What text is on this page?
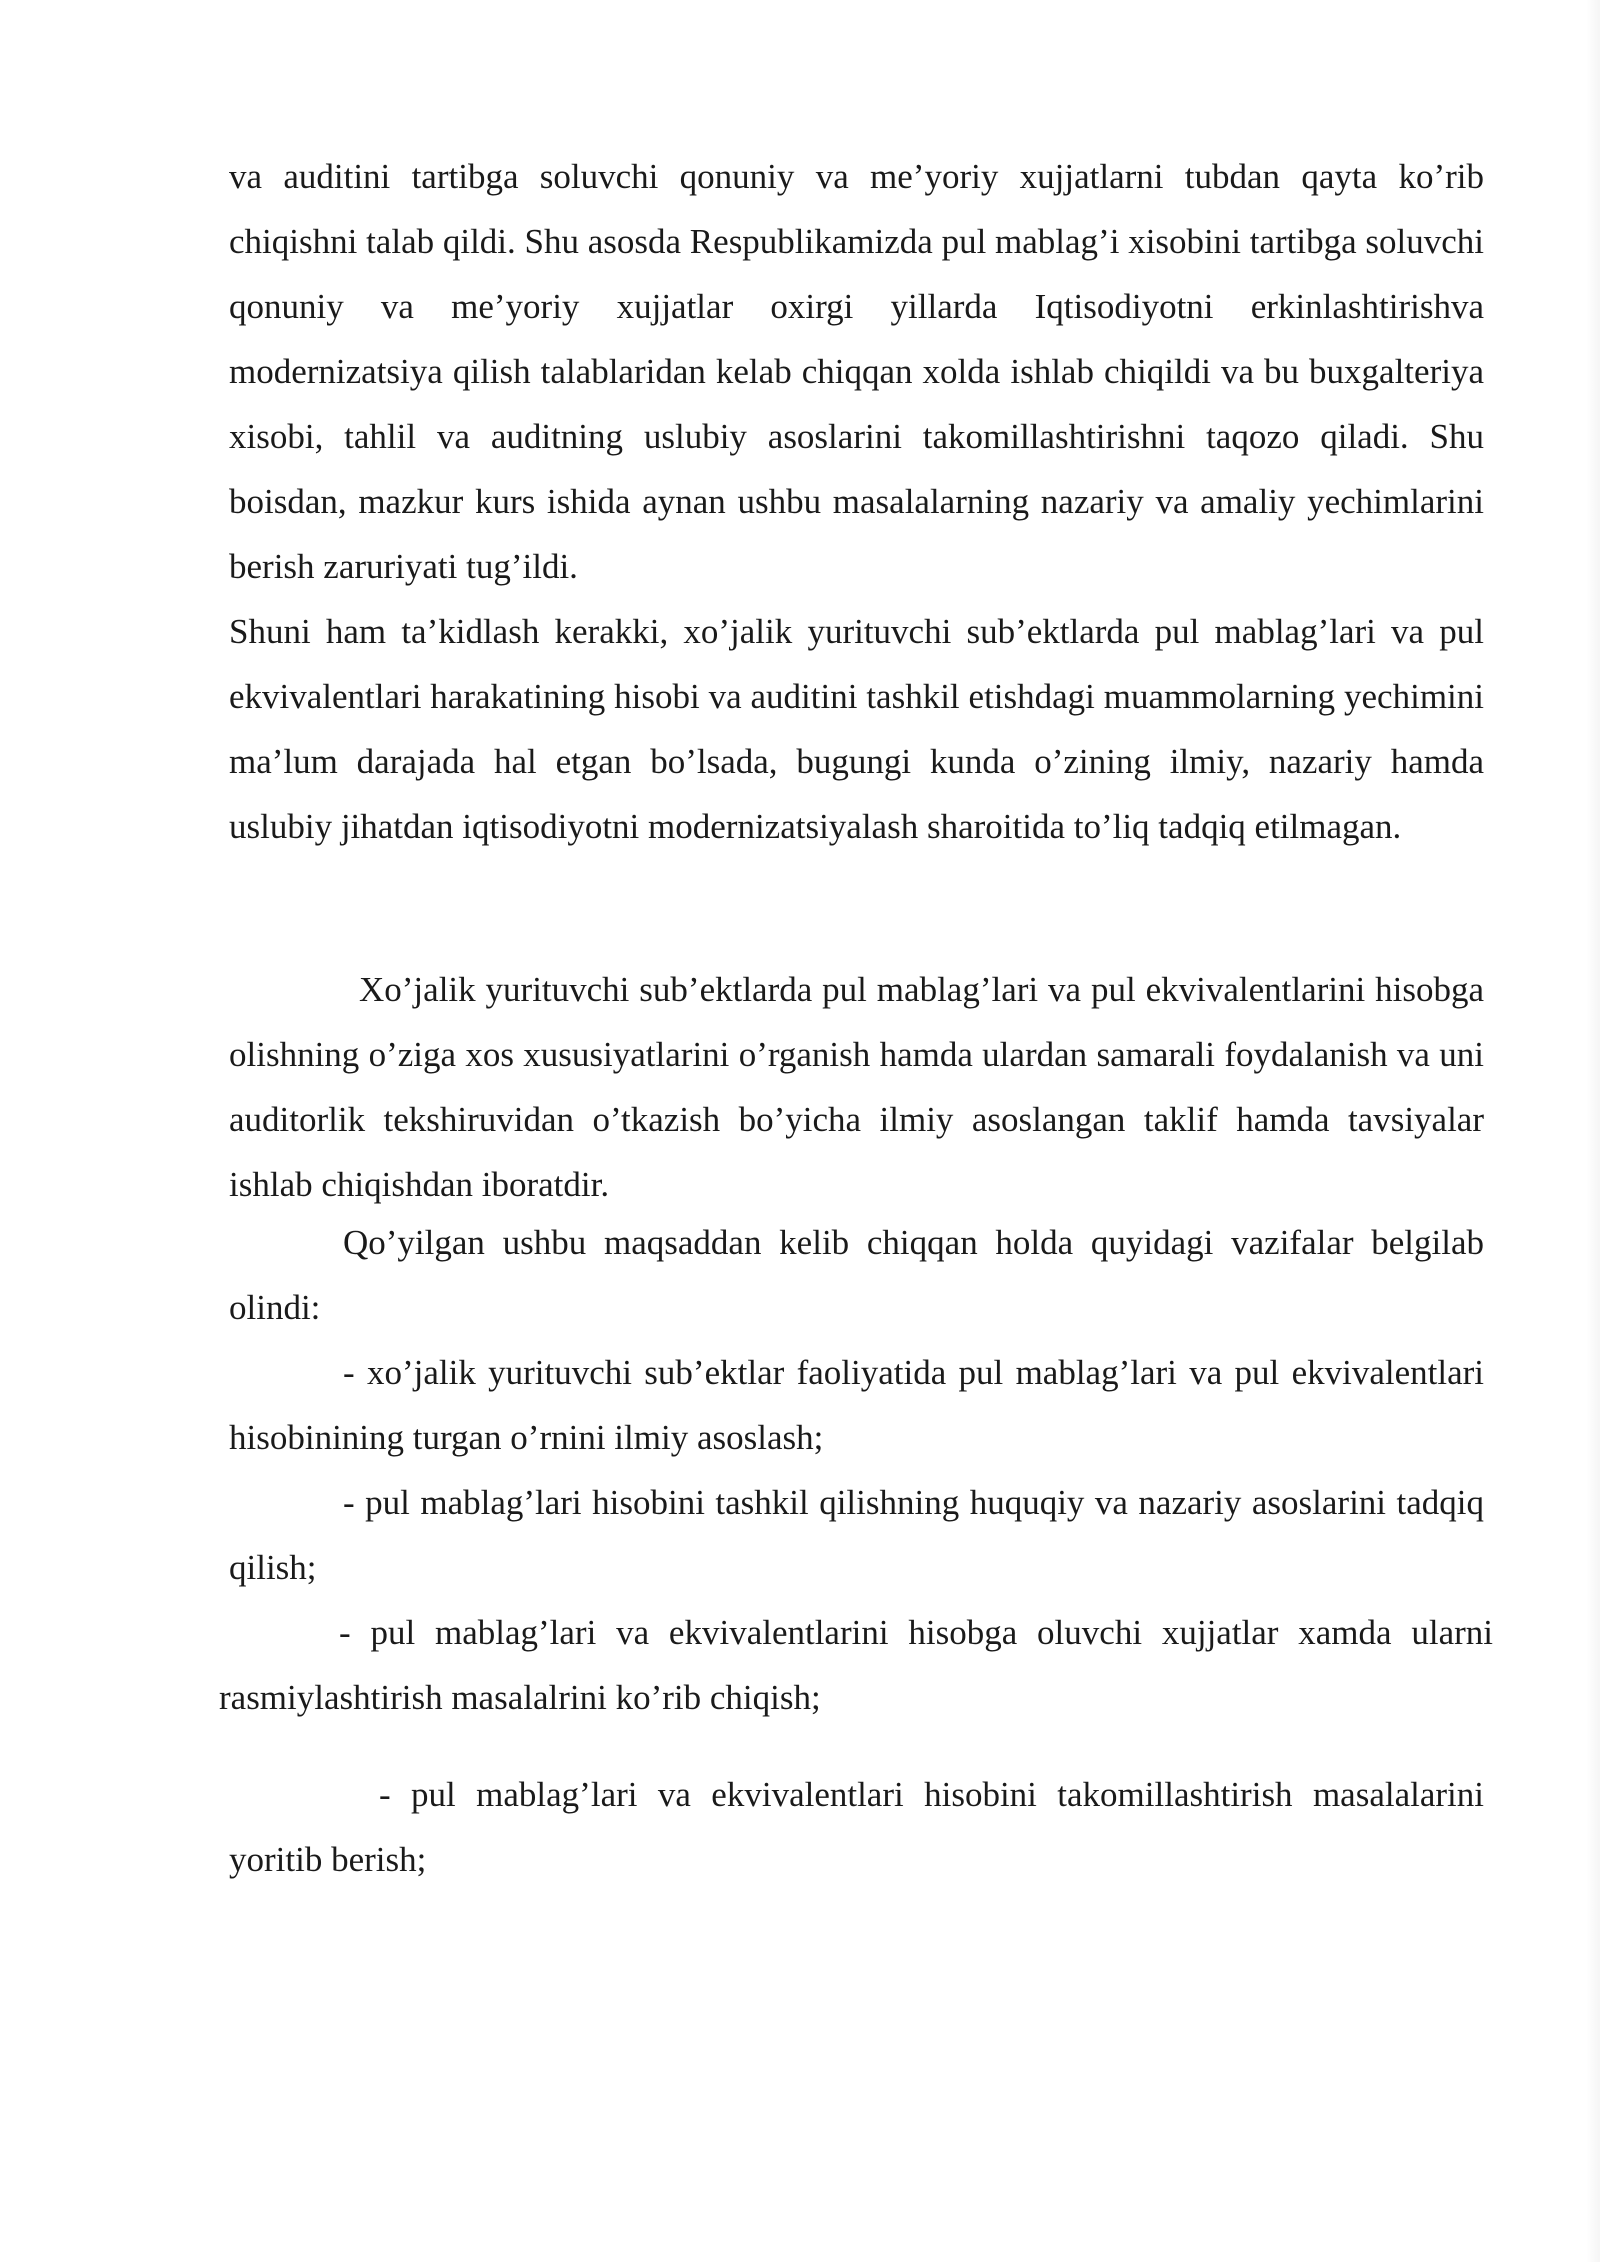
va auditini tartibga soluvchi qonuniy va me’yoriy xujjatlarni tubdan qayta ko’rib chiqishni talab qildi. Shu asosda Respublikamizda pul mablag’i xisobini tartibga soluvchi qonuniy va me’yoriy xujjatlar oxirgi yillarda Iqtisodiyotni erkinlashtirishva modernizatsiya qilish talablaridan kelab chiqqan xolda ishlab chiqildi va bu buxgalteriya xisobi, tahlil va auditning uslubiy asoslarini takomillashtirishni taqozo qiladi. Shu boisdan, mazkur kurs ishida aynan ushbu masalalarning nazariy va amaliy yechimlarini berish zaruriyati tug’ildi.

Shuni ham ta’kidlash kerakki, xo’jalik yurituvchi sub’ektlarda pul mablag’lari va pul ekvivalentlari harakatining hisobi va auditini tashkil etishdagi muammolarning yechimini ma’lum darajada hal etgan bo’lsada, bugungi kunda o’zining ilmiy, nazariy hamda uslubiy jihatdan iqtisodiyotni modernizatsiyalash sharoitida to’liq tadqiq etilmagan.

Xo’jalik yurituvchi sub’ektlarda pul mablag’lari va pul ekvivalentlarini hisobga olishning o’ziga xos xususiyatlarini o’rganish hamda ulardan samarali foydalanish va uni auditorlik tekshiruvidan o’tkazish bo’yicha ilmiy asoslangan taklif hamda tavsiyalar ishlab chiqishdan iboratdir.

Qo’yilgan ushbu maqsaddan kelib chiqqan holda quyidagi vazifalar belgilab olindi:

- xo’jalik yurituvchi sub’ektlar faoliyatida pul mablag’lari va pul ekvivalentlari hisobinining turgan o’rnini ilmiy asoslash;

- pul mablag’lari hisobini tashkil qilishning huquqiy va nazariy asoslarini tadqiq qilish;

- pul mablag’lari va ekvivalentlarini hisobga oluvchi xujjatlar xamda ularni rasmiylashtirish masalalrini ko’rib chiqish;

- pul mablag’lari va ekvivalentlari hisobini takomillashtirish masalalarini yoritib berish;
